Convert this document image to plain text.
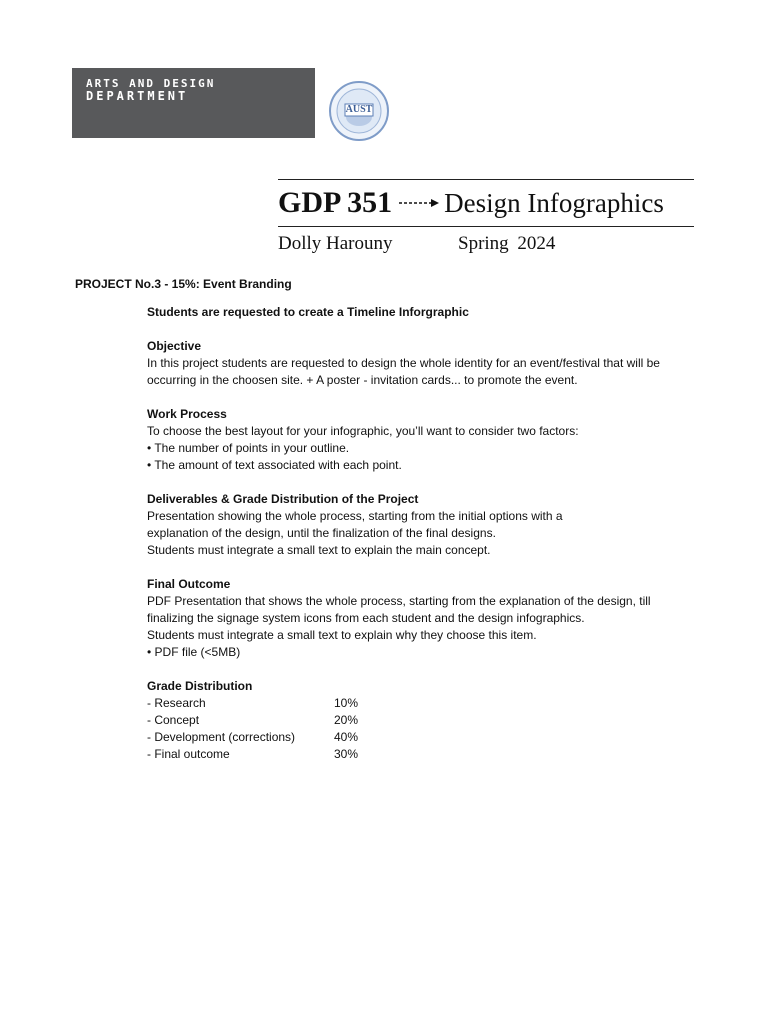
ARTS AND DESIGN
DEPARTMENT
AUST
GDP 351 Design Infographics
Dolly Harouny	Spring 2024
PROJECT No.3 - 15%: Event Branding

Students are requested to create a Timeline Inforgraphic

Objective

In this project students are requested to design the whole identity for an event/festival that will be

occurring in the choosen site. + A poster - invitation cards... to promote the event.

Work Process

To choose the best layout for your infographic, you’ll want to consider two factors:

• The number of points in your outline.

• The amount of text associated with each point.

Deliverables & Grade Distribution of the Project

Presentation showing the whole process, starting from the initial options with a

explanation of the design, until the finalization of the final designs.

Students must integrate a small text to explain the main concept.

Final Outcome

PDF Presentation that shows the whole process, starting from the explanation of the design, till

finalizing the signage system icons from each student and the design infographics.

Students must integrate a small text to explain why they choose this item.

• PDF file (<5MB)

Grade Distribution

- Research	10%
- Concept	20%
- Development (corrections)	40%
- Final outcome	30%
